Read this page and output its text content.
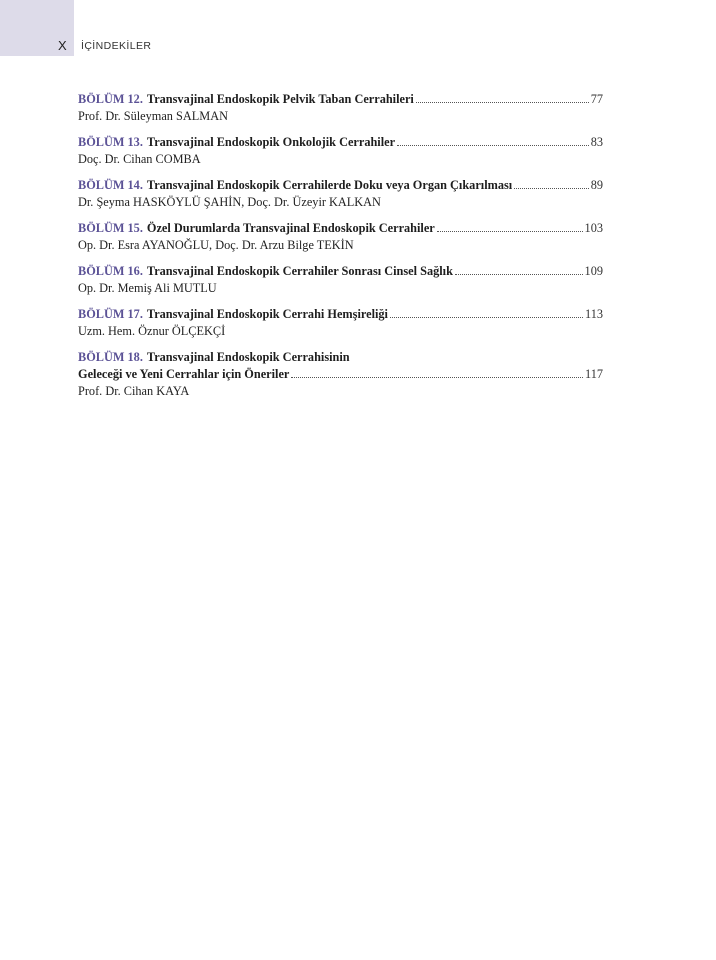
X İÇİNDEKİLER
BÖLÜM 12. Transvajinal Endoskopik Pelvik Taban Cerrahileri	77
Prof. Dr. Süleyman SALMAN
BÖLÜM 13. Transvajinal Endoskopik Onkolojik Cerrahiler	83
Doç. Dr. Cihan COMBA
BÖLÜM 14. Transvajinal Endoskopik Cerrahilerde Doku veya Organ Çıkarılması	89
Dr. Şeyma HASKÖYLÜ ŞAHİN, Doç. Dr. Üzeyir KALKAN
BÖLÜM 15. Özel Durumlarda Transvajinal Endoskopik Cerrahiler	103
Op. Dr. Esra AYANOĞLU, Doç. Dr. Arzu Bilge TEKİN
BÖLÜM 16. Transvajinal Endoskopik Cerrahiler Sonrası Cinsel Sağlık	109
Op. Dr. Memiş Ali MUTLU
BÖLÜM 17. Transvajinal Endoskopik Cerrahi Hemşireliği	113
Uzm. Hem. Öznur ÖLÇEKÇİ
BÖLÜM 18. Transvajinal Endoskopik Cerrahisinin
Geleceği ve Yeni Cerrahlar için Öneriler	117
Prof. Dr. Cihan KAYA
